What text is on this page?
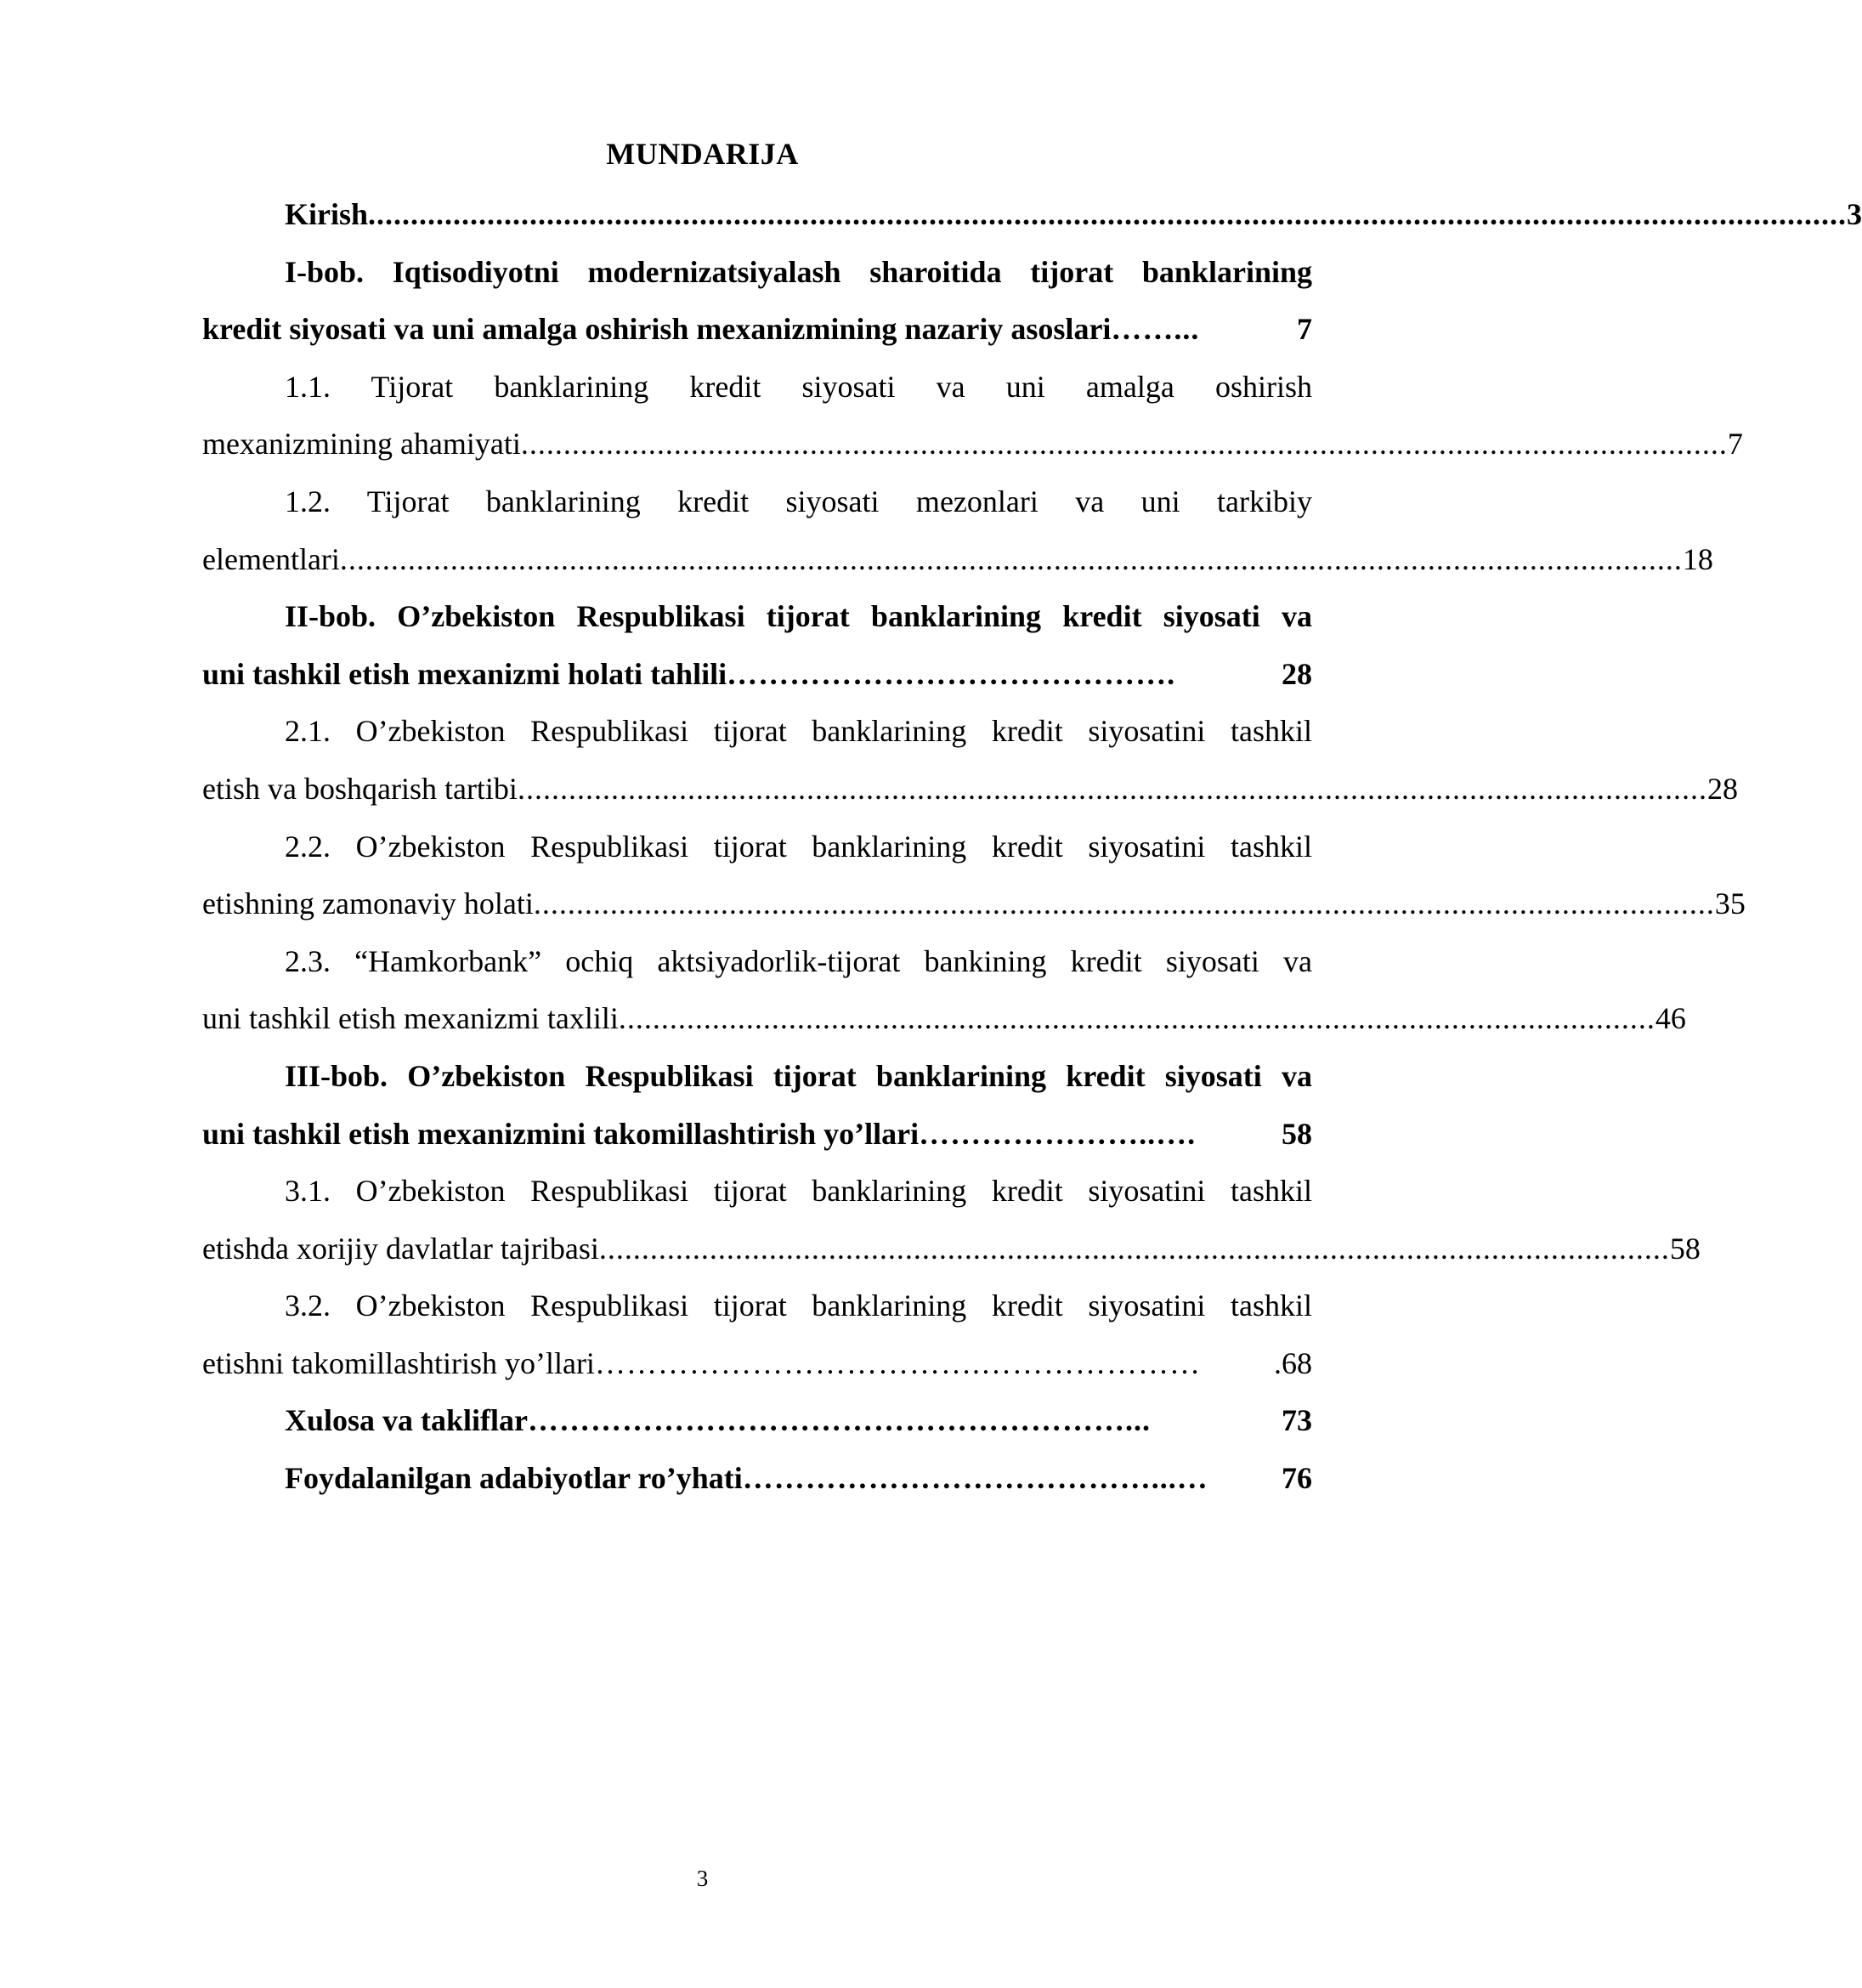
MUNDARIJA
Kirish .............................................................................................................................................................................. 3
I-bob. Iqtisodiyotni modernizatsiyalash sharoitida tijorat banklarining
kredit siyosati va uni amalga oshirish mexanizmining nazariy asoslari ……...	7
1.1. Tijorat banklarining kredit siyosati va uni amalga oshirish
mexanizmining ahamiyati .............................................................................................................................................. 7
1.2. Tijorat banklarining kredit siyosati mezonlari va uni tarkibiy
elementlari .............................................................................................................................................................. 18
II-bob. O’zbekiston Respublikasi tijorat banklarining kredit siyosati va
uni tashkil etish mexanizmi holati tahlili …………………………………….	28
2.1. O’zbekiston Respublikasi tijorat banklarining kredit siyosatini tashkil
etish va boshqarish tartibi ............................................................................................................................................ 28
2.2. O’zbekiston Respublikasi tijorat banklarining kredit siyosatini tashkil
etishning zamonaviy holati ........................................................................................................................................... 35
2.3. “Hamkorbank” ochiq aktsiyadorlik-tijorat bankining kredit siyosati va
uni tashkil etish mexanizmi taxlili .......................................................................................................................... 46
III-bob. O’zbekiston Respublikasi tijorat banklarining kredit siyosati va
uni tashkil etish mexanizmini takomillashtirish yo’llari …………………..….	58
3.1. O’zbekiston Respublikasi tijorat banklarining kredit siyosatini tashkil
etishda xorijiy davlatlar tajribasi .............................................................................................................................. 58
3.2. O’zbekiston Respublikasi tijorat banklarining kredit siyosatini tashkil
etishni takomillashtirish yo’llari ……………………………….…………………	.68
Xulosa va takliflar …………………………………………………...	73
Foydalanilgan adabiyotlar ro’yhati …………………………………...…	76
3
